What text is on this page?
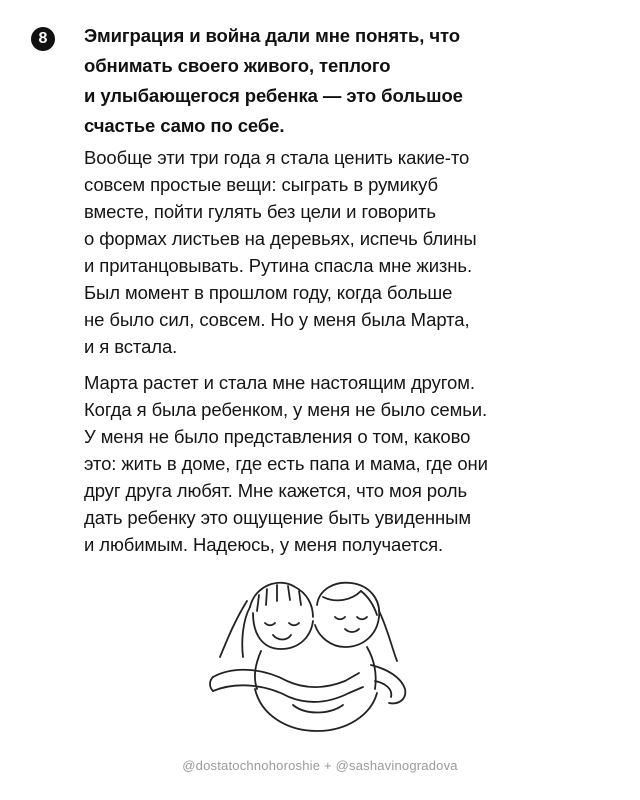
8	Эмиграция и война дали мне понять, что
обнимать своего живого, теплого
и улыбающегося ребенка — это большое
счастье само по себе.

Вообще эти три года я стала ценить какие-то
совсем простые вещи: сыграть в румикуб
вместе, пойти гулять без цели и говорить
о формах листьев на деревьях, испечь блины
и пританцовывать. Рутина спасла мне жизнь.
Был момент в прошлом году, когда больше
не было сил, совсем. Но у меня была Марта,
и я встала.

Марта растет и стала мне настоящим другом.
Когда я была ребенком, у меня не было семьи.
У меня не было представления о том, каково
это: жить в доме, где есть папа и мама, где они
друг друга любят. Мне кажется, что моя роль
дать ребенку это ощущение быть увиденным
и любимым. Надеюсь, у меня получается.

@dostatochnohoroshie + @sashavinogradova
